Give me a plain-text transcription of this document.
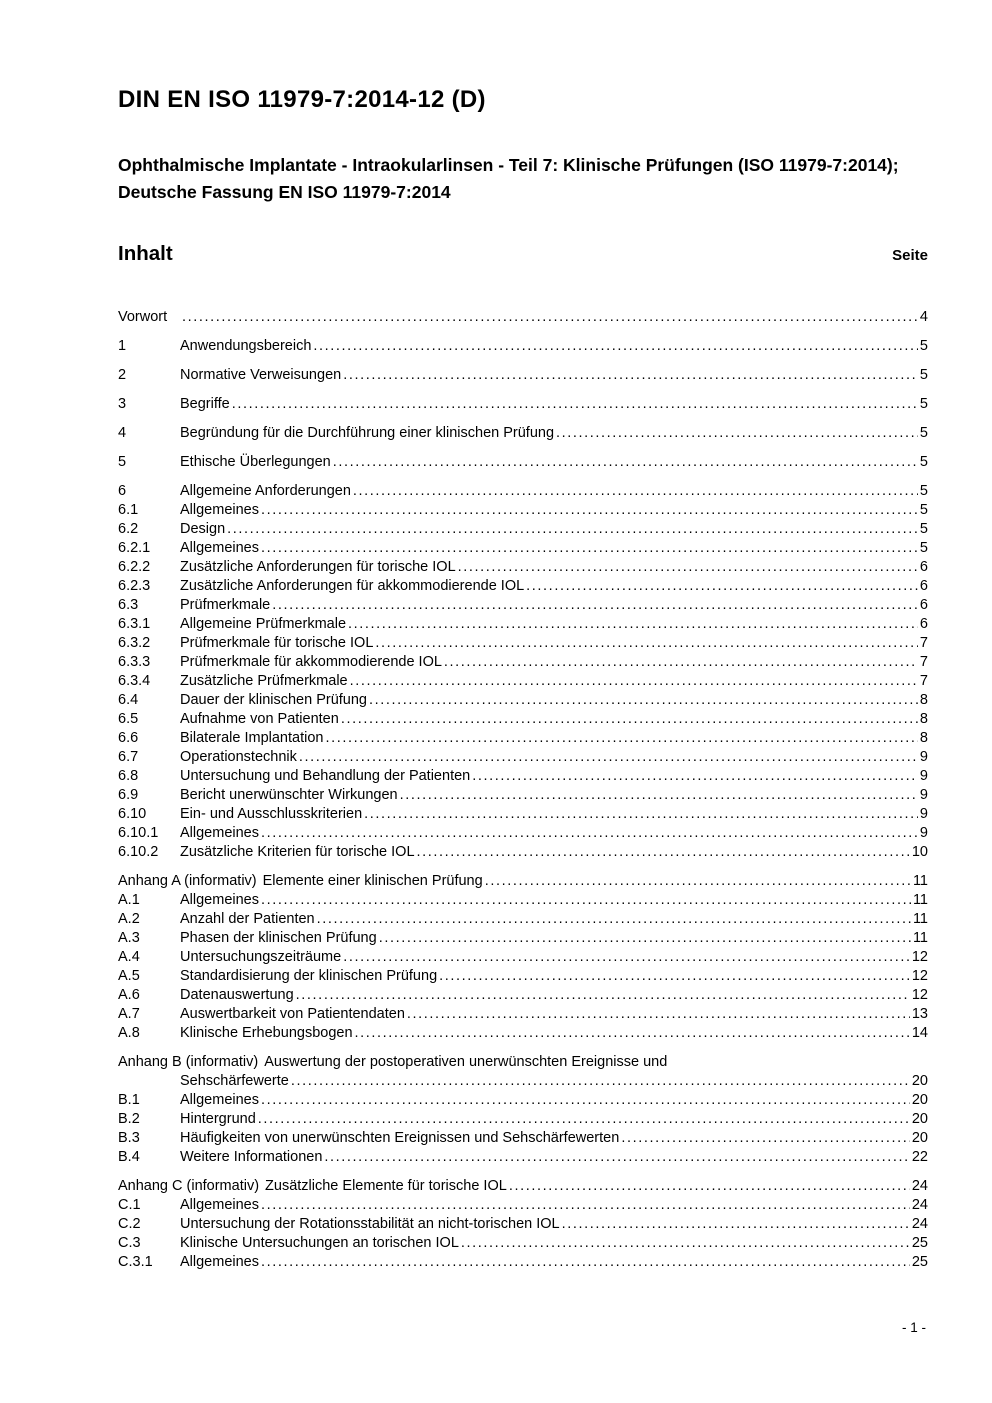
DIN EN ISO 11979-7:2014-12 (D)
Ophthalmische Implantate - Intraokularlinsen - Teil 7: Klinische Prüfungen (ISO 11979-7:2014); Deutsche Fassung EN ISO 11979-7:2014
Inhalt	Seite
Vorwort .....	4
1	Anwendungsbereich .....	5
2	Normative Verweisungen .....	5
3	Begriffe .....	5
4	Begründung für die Durchführung einer klinischen Prüfung .....	5
5	Ethische Überlegungen .....	5
6	Allgemeine Anforderungen .....	5
6.1	Allgemeines .....	5
6.2	Design .....	5
6.2.1	Allgemeines .....	5
6.2.2	Zusätzliche Anforderungen für torische IOL .....	6
6.2.3	Zusätzliche Anforderungen für akkommodierende IOL .....	6
6.3	Prüfmerkmale .....	6
6.3.1	Allgemeine Prüfmerkmale .....	6
6.3.2	Prüfmerkmale für torische IOL .....	7
6.3.3	Prüfmerkmale für akkommodierende IOL .....	7
6.3.4	Zusätzliche Prüfmerkmale .....	7
6.4	Dauer der klinischen Prüfung .....	8
6.5	Aufnahme von Patienten .....	8
6.6	Bilaterale Implantation .....	8
6.7	Operationstechnik .....	9
6.8	Untersuchung und Behandlung der Patienten .....	9
6.9	Bericht unerwünschter Wirkungen .....	9
6.10	Ein- und Ausschlusskriterien .....	9
6.10.1	Allgemeines .....	9
6.10.2	Zusätzliche Kriterien für torische IOL .....	10
Anhang A (informativ) Elemente einer klinischen Prüfung .....	11
A.1	Allgemeines .....	11
A.2	Anzahl der Patienten .....	11
A.3	Phasen der klinischen Prüfung .....	11
A.4	Untersuchungszeiträume .....	12
A.5	Standardisierung der klinischen Prüfung .....	12
A.6	Datenauswertung .....	12
A.7	Auswertbarkeit von Patientendaten .....	13
A.8	Klinische Erhebungsbogen .....	14
Anhang B (informativ) Auswertung der postoperativen unerwünschten Ereignisse und
Sehschärfewerte .....	20
B.1	Allgemeines .....	20
B.2	Hintergrund .....	20
B.3	Häufigkeiten von unerwünschten Ereignissen und Sehschärfewerten .....	20
B.4	Weitere Informationen .....	22
Anhang C (informativ) Zusätzliche Elemente für torische IOL .....	24
C.1	Allgemeines .....	24
C.2	Untersuchung der Rotationsstabilität an nicht-torischen IOL .....	24
C.3	Klinische Untersuchungen an torischen IOL .....	25
C.3.1	Allgemeines .....	25
- 1 -
